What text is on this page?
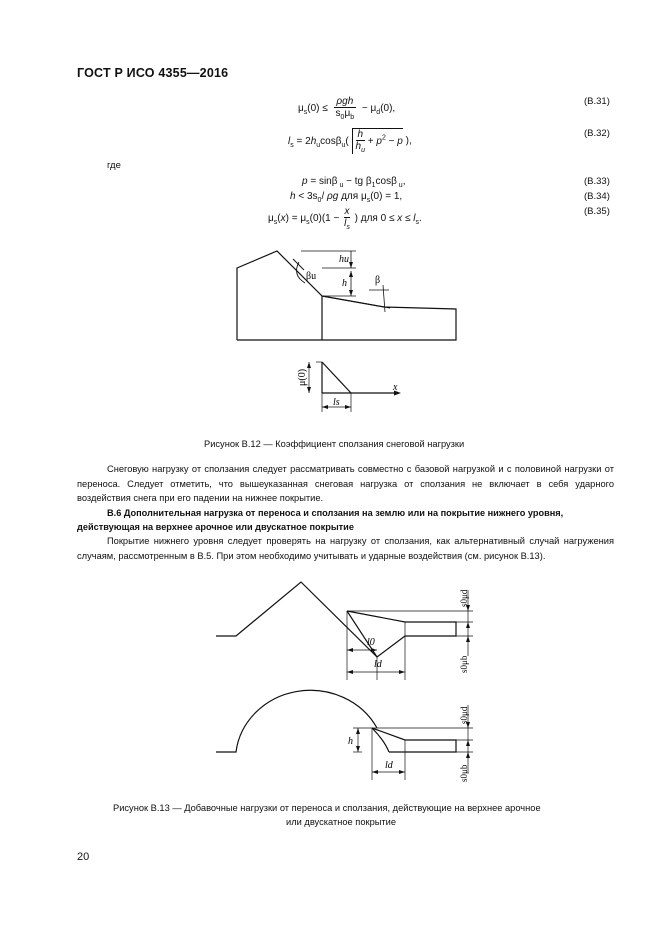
ГОСТ Р ИСО 4355—2016
$\mu_s(0)$ ≤
ρgh
$s_0\mu_b$
− $\mu_d(0)$,
(B.31)
$l_s = 2h_u\cos\beta_u( \frac{h}{h_u} + p^2 - p$ ),
(B.32)
где
p = sinβ $_u$ − tg $\beta_1\cos\beta$ $_u$,	(B.33)
$h < 3s_0/$ ρg для $\mu_s(0) = 1$,	(B.34)
$\mu_s(x) = \mu_s(0)(1 - \frac{x}{l_s}$ ) для $0 \le x \le l_s$.
(B.35)
hu
h
βu	β
μ(0)
x
ls
Рисунок В.12 — Коэффициент сползания снеговой нагрузки
Снеговую нагрузку от сползания следует рассматривать совместно с базовой нагрузкой и с половиной нагрузки от переноса. Следует отметить, что вышеуказанная снеговая нагрузка от сползания не включает в себя ударного воздействия снега при его падении на нижнее покрытие.
В.6 Дополнительная нагрузка от переноса и сползания на землю или на покрытие нижнего уровня,
действующая на верхнее арочное или двускатное покрытие
Покрытие нижнего уровня следует проверять на нагрузку от сползания, как альтернативный случай нагружения случаям, рассмотренным в В.5. При этом необходимо учитывать и ударные воздействия (см. рисунок В.13).
l0
ld
s0μd
s0μb
h
ld
s0μd
s0μb
Рисунок В.13 — Добавочные нагрузки от переноса и сползания, действующие на верхнее арочное
или двускатное покрытие
20
